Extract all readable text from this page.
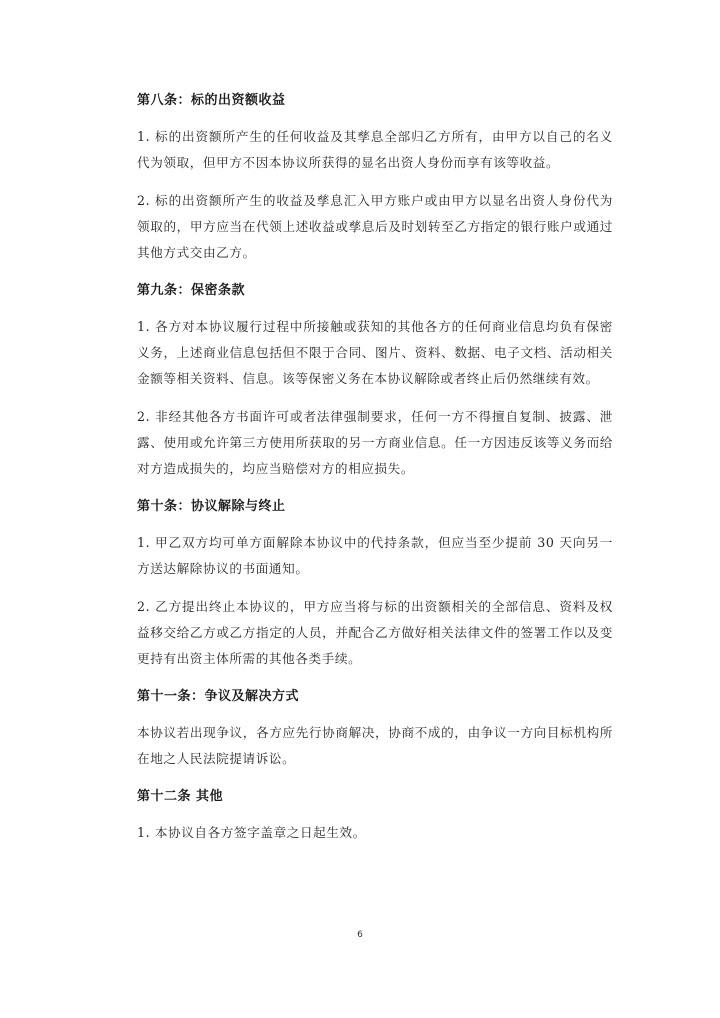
第八条：标的出资额收益

1. 标的出资额所产生的任何收益及其孳息全部归乙方所有，由甲方以自己的名义代为领取，但甲方不因本协议所获得的显名出资人身份而享有该等收益。

2. 标的出资额所产生的收益及孳息汇入甲方账户或由甲方以显名出资人身份代为领取的，甲方应当在代领上述收益或孳息后及时划转至乙方指定的银行账户或通过其他方式交由乙方。

第九条：保密条款

1. 各方对本协议履行过程中所接触或获知的其他各方的任何商业信息均负有保密义务，上述商业信息包括但不限于合同、图片、资料、数据、电子文档、活动相关金额等相关资料、信息。该等保密义务在本协议解除或者终止后仍然继续有效。

2. 非经其他各方书面许可或者法律强制要求，任何一方不得擅自复制、披露、泄露、使用或允许第三方使用所获取的另一方商业信息。任一方因违反该等义务而给对方造成损失的，均应当赔偿对方的相应损失。

第十条：协议解除与终止

1. 甲乙双方均可单方面解除本协议中的代持条款，但应当至少提前 30 天向另一方送达解除协议的书面通知。

2. 乙方提出终止本协议的，甲方应当将与标的出资额相关的全部信息、资料及权益移交给乙方或乙方指定的人员，并配合乙方做好相关法律文件的签署工作以及变更持有出资主体所需的其他各类手续。

第十一条：争议及解决方式

本协议若出现争议，各方应先行协商解决，协商不成的，由争议一方向目标机构所在地之人民法院提请诉讼。

第十二条 其他

1. 本协议自各方签字盖章之日起生效。

6
